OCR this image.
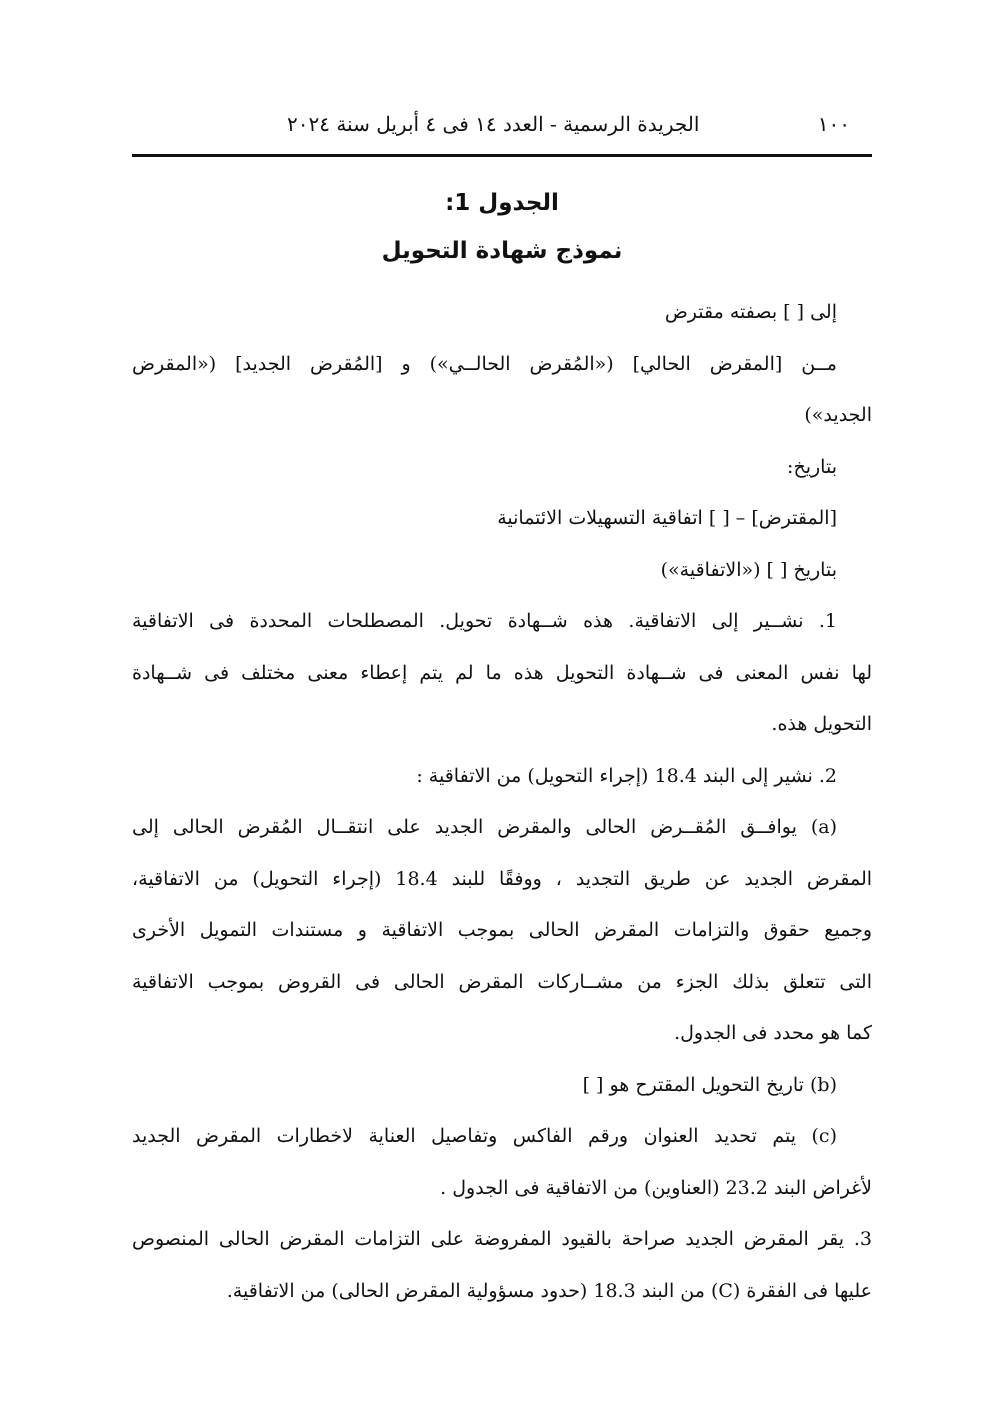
١٠٠
الجريدة الرسمية - العدد ١٤ فى ٤ أبريل سنة ٢٠٢٤
الجدول 1:
نموذج شهادة التحويل
إلى [ ] بصفته مقترض
مــن [المقرض الحالي] («المُقرض الحالــي») و [المُقرض الجديد] («المقرض
الجديد»)
بتاريخ:
[المقترض] – [ ] اتفاقية التسهيلات الائتمانية
بتاريخ [ ] («الاتفاقية»)
1. نشــير إلى الاتفاقية. هذه شــهادة تحويل. المصطلحات المحددة فى الاتفاقية
لها نفس المعنى فى شــهادة التحويل هذه ما لم يتم إعطاء معنى مختلف فى شــهادة
التحويل هذه.
2. نشير إلى البند 18.4 (إجراء التحويل) من الاتفاقية :
(a) يوافــق المُقــرض الحالى والمقرض الجديد على انتقــال المُقرض الحالى إلى
المقرض الجديد عن طريق التجديد ، ووفقًا للبند 18.4 (إجراء التحويل) من الاتفاقية،
وجميع حقوق والتزامات المقرض الحالى بموجب الاتفاقية و مستندات التمويل الأخرى
التى تتعلق بذلك الجزء من مشــاركات المقرض الحالى فى القروض بموجب الاتفاقية
كما هو محدد فى الجدول.
(b) تاريخ التحويل المقترح هو [ ]
(c) يتم تحديد العنوان ورقم الفاكس وتفاصيل العناية لاخطارات المقرض الجديد
لأغراض البند 23.2 (العناوين) من الاتفاقية فى الجدول .
3. يقر المقرض الجديد صراحة بالقيود المفروضة على التزامات المقرض الحالى المنصوص
عليها فى الفقرة (C) من البند 18.3 (حدود مسؤولية المقرض الحالى) من الاتفاقية.
